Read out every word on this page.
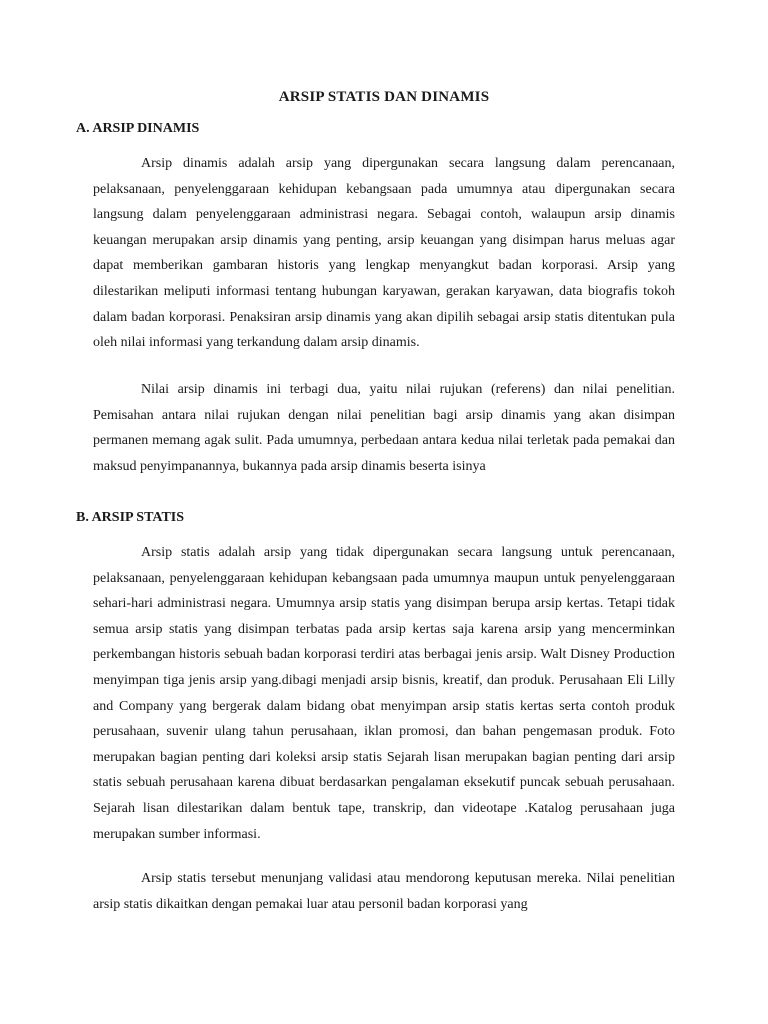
ARSIP STATIS DAN DINAMIS
A. ARSIP DINAMIS

Arsip dinamis adalah arsip yang dipergunakan secara langsung dalam perencanaan, pelaksanaan, penyelenggaraan kehidupan kebangsaan pada umumnya atau dipergunakan secara langsung dalam penyelenggaraan administrasi negara. Sebagai contoh, walaupun arsip dinamis keuangan merupakan arsip dinamis yang penting, arsip keuangan yang disimpan harus meluas agar dapat memberikan gambaran historis yang lengkap menyangkut badan korporasi. Arsip yang dilestarikan meliputi informasi tentang hubungan karyawan, gerakan karyawan, data biografis tokoh dalam badan korporasi. Penaksiran arsip dinamis yang akan dipilih sebagai arsip statis ditentukan pula oleh nilai informasi yang terkandung dalam arsip dinamis.

Nilai arsip dinamis ini terbagi dua, yaitu nilai rujukan (referens) dan nilai penelitian. Pemisahan antara nilai rujukan dengan nilai penelitian bagi arsip dinamis yang akan disimpan permanen memang agak sulit. Pada umumnya, perbedaan antara kedua nilai terletak pada pemakai dan maksud penyimpanannya, bukannya pada arsip dinamis beserta isinya

B. ARSIP STATIS

Arsip statis adalah arsip yang tidak dipergunakan secara langsung untuk perencanaan, pelaksanaan, penyelenggaraan kehidupan kebangsaan pada umumnya maupun untuk penyelenggaraan sehari-hari administrasi negara. Umumnya arsip statis yang disimpan berupa arsip kertas. Tetapi tidak semua arsip statis yang disimpan terbatas pada arsip kertas saja karena arsip yang mencerminkan perkembangan historis sebuah badan korporasi terdiri atas berbagai jenis arsip. Walt Disney Production menyimpan tiga jenis arsip yang.dibagi menjadi arsip bisnis, kreatif, dan produk. Perusahaan Eli Lilly and Company yang bergerak dalam bidang obat menyimpan arsip statis kertas serta contoh produk perusahaan, suvenir ulang tahun perusahaan, iklan promosi, dan bahan pengemasan produk. Foto merupakan bagian penting dari koleksi arsip statis Sejarah lisan merupakan bagian penting dari arsip statis sebuah perusahaan karena dibuat berdasarkan pengalaman eksekutif puncak sebuah perusahaan. Sejarah lisan dilestarikan dalam bentuk tape, transkrip, dan videotape .Katalog perusahaan juga merupakan sumber informasi.

Arsip statis tersebut menunjang validasi atau mendorong keputusan mereka. Nilai penelitian arsip statis dikaitkan dengan pemakai luar atau personil badan korporasi yang
